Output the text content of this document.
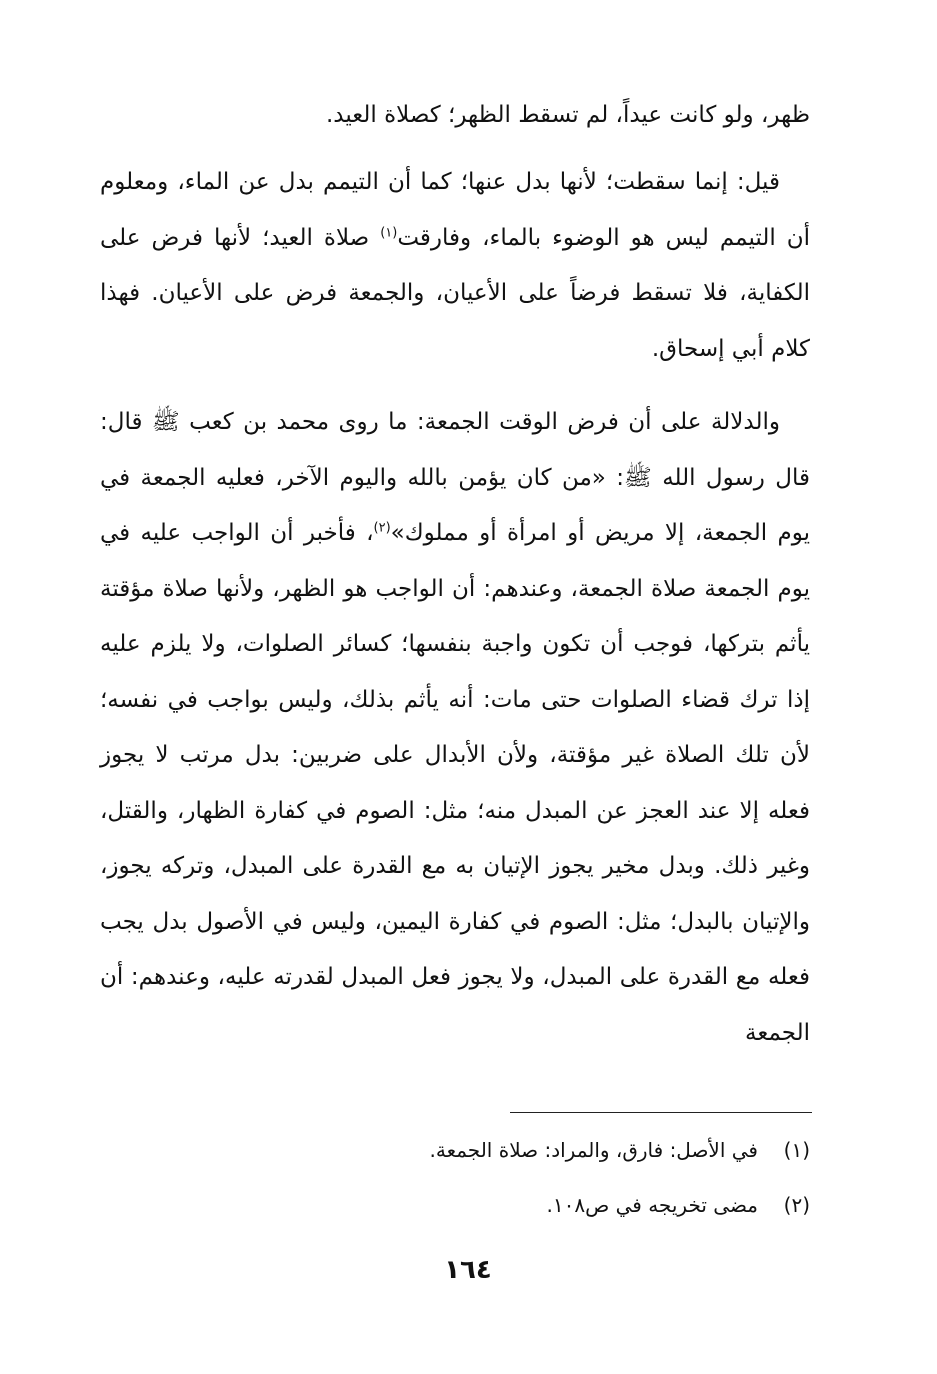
ظهر، ولو كانت عيداً، لم تسقط الظهر؛ كصلاة العيد.

قيل: إنما سقطت؛ لأنها بدل عنها؛ كما أن التيمم بدل عن الماء، ومعلوم أن التيمم ليس هو الوضوء بالماء، وفارقت$^{(١)}$ صلاة العيد؛ لأنها فرض على الكفاية، فلا تسقط فرضاً على الأعيان، والجمعة فرض على الأعيان. فهذا كلام أبي إسحاق.

والدلالة على أن فرض الوقت الجمعة: ما روى محمد بن كعب ﷺ قال: قال رسول الله ﷺ: «من كان يؤمن بالله واليوم الآخر، فعليه الجمعة في يوم الجمعة، إلا مريض أو امرأة أو مملوك»$^{(٢)}$، فأخبر أن الواجب عليه في يوم الجمعة صلاة الجمعة، وعندهم: أن الواجب هو الظهر، ولأنها صلاة مؤقتة يأثم بتركها، فوجب أن تكون واجبة بنفسها؛ كسائر الصلوات، ولا يلزم عليه إذا ترك قضاء الصلوات حتى مات: أنه يأثم بذلك، وليس بواجب في نفسه؛ لأن تلك الصلاة غير مؤقتة، ولأن الأبدال على ضربين: بدل مرتب لا يجوز فعله إلا عند العجز عن المبدل منه؛ مثل: الصوم في كفارة الظهار، والقتل، وغير ذلك. وبدل مخير يجوز الإتيان به مع القدرة على المبدل، وتركه يجوز، والإتيان بالبدل؛ مثل: الصوم في كفارة اليمين، وليس في الأصول بدل يجب فعله مع القدرة على المبدل، ولا يجوز فعل المبدل لقدرته عليه، وعندهم: أن الجمعة

(١)في الأصل: فارق، والمراد: صلاة الجمعة.
(٢)مضى تخريجه في ص١٠٨.
١٦٤
